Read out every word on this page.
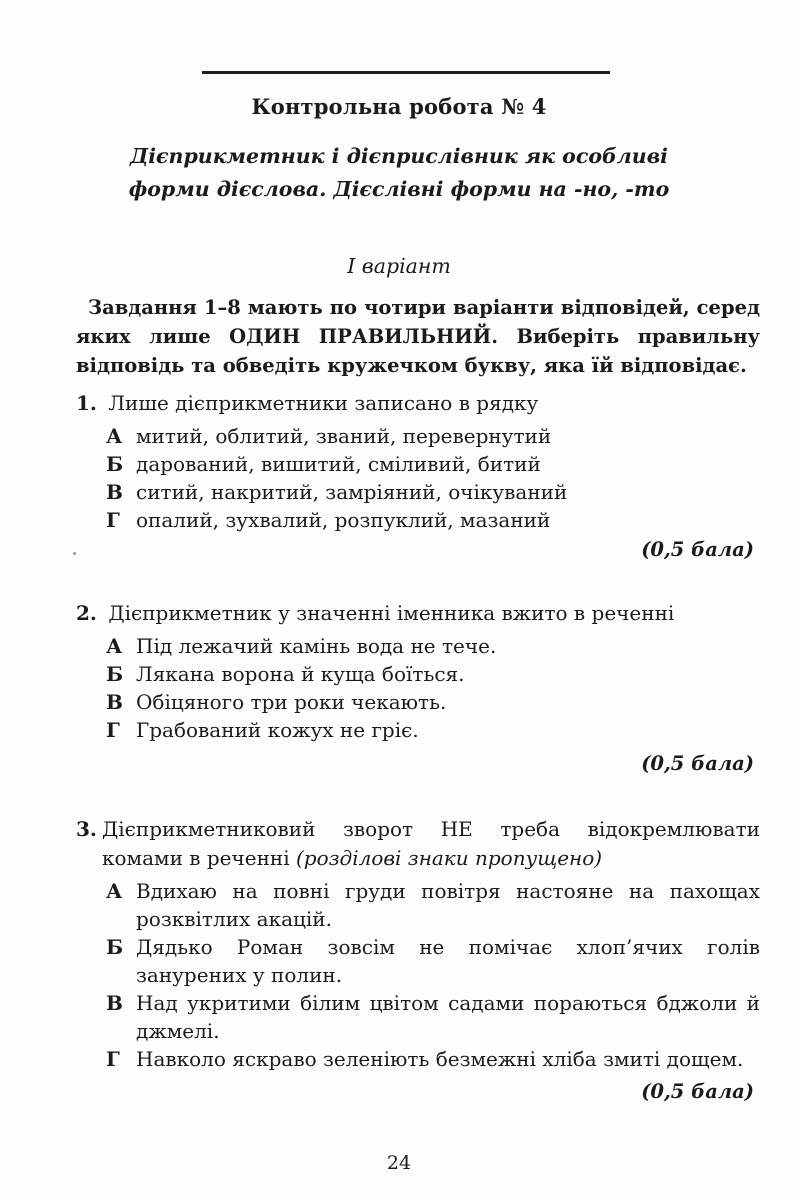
Контрольна робота № 4
Дієприкметник і дієприслівник як особливі
форми дієслова. Дієслівні форми на -но, -то
І варіант
Завдання 1–8 мають по чотири варіанти відповідей, серед яких лише ОДИН ПРАВИЛЬНИЙ. Виберіть правильну відповідь та обведіть кружечком букву, яка їй відповідає.
1. Лише дієприкметники записано в рядку
А митий, облитий, званий, перевернутий
Б дарований, вишитий, сміливий, битий
В ситий, накритий, замріяний, очікуваний
Г опалий, зухвалий, розпуклий, мазаний
(0,5 бала)
2. Дієприкметник у значенні іменника вжито в реченні
А Під лежачий камінь вода не тече.
Б Лякана ворона й куща боїться.
В Обіцяного три роки чекають.
Г Грабований кожух не гріє.
(0,5 бала)
3. Дієприкметниковий зворот НЕ треба відокремлювати комами в реченні (розділові знаки пропущено)
А Вдихаю на повні груди повітря настояне на пахощах розквітлих акацій.
Б Дядько Роман зовсім не помічає хлоп’ячих голів занурених у полин.
В Над укритими білим цвітом садами пораються бджоли й джмелі.
Г Навколо яскраво зеленіють безмежні хліба змиті дощем.
(0,5 бала)
24
